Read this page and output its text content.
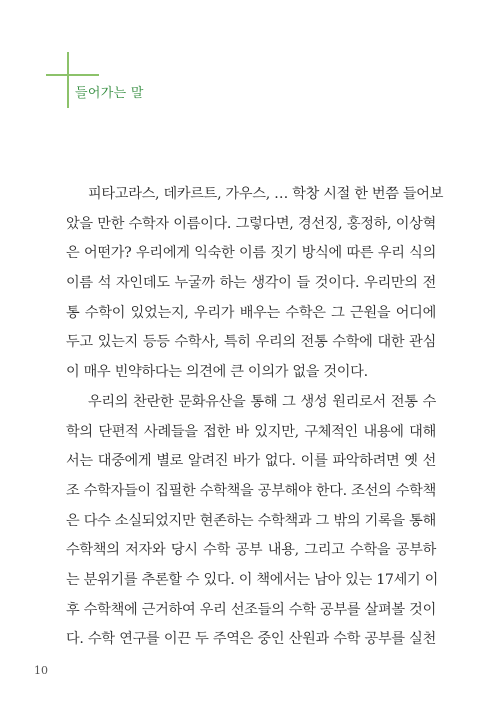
들어가는 말
피타고라스, 데카르트, 가우스, … 학창 시절 한 번쯤 들어보
았을 만한 수학자 이름이다. 그렇다면, 경선징, 홍정하, 이상혁
은 어떤가? 우리에게 익숙한 이름 짓기 방식에 따른 우리 식의
이름 석 자인데도 누굴까 하는 생각이 들 것이다. 우리만의 전
통 수학이 있었는지, 우리가 배우는 수학은 그 근원을 어디에
두고 있는지 등등 수학사, 특히 우리의 전통 수학에 대한 관심
이 매우 빈약하다는 의견에 큰 이의가 없을 것이다.
우리의 찬란한 문화유산을 통해 그 생성 원리로서 전통 수
학의 단편적 사례들을 접한 바 있지만, 구체적인 내용에 대해
서는 대중에게 별로 알려진 바가 없다. 이를 파악하려면 옛 선
조 수학자들이 집필한 수학책을 공부해야 한다. 조선의 수학책
은 다수 소실되었지만 현존하는 수학책과 그 밖의 기록을 통해
수학책의 저자와 당시 수학 공부 내용, 그리고 수학을 공부하
는 분위기를 추론할 수 있다. 이 책에서는 남아 있는 17세기 이
후 수학책에 근거하여 우리 선조들의 수학 공부를 살펴볼 것이
다. 수학 연구를 이끈 두 주역은 중인 산원과 수학 공부를 실천
10
